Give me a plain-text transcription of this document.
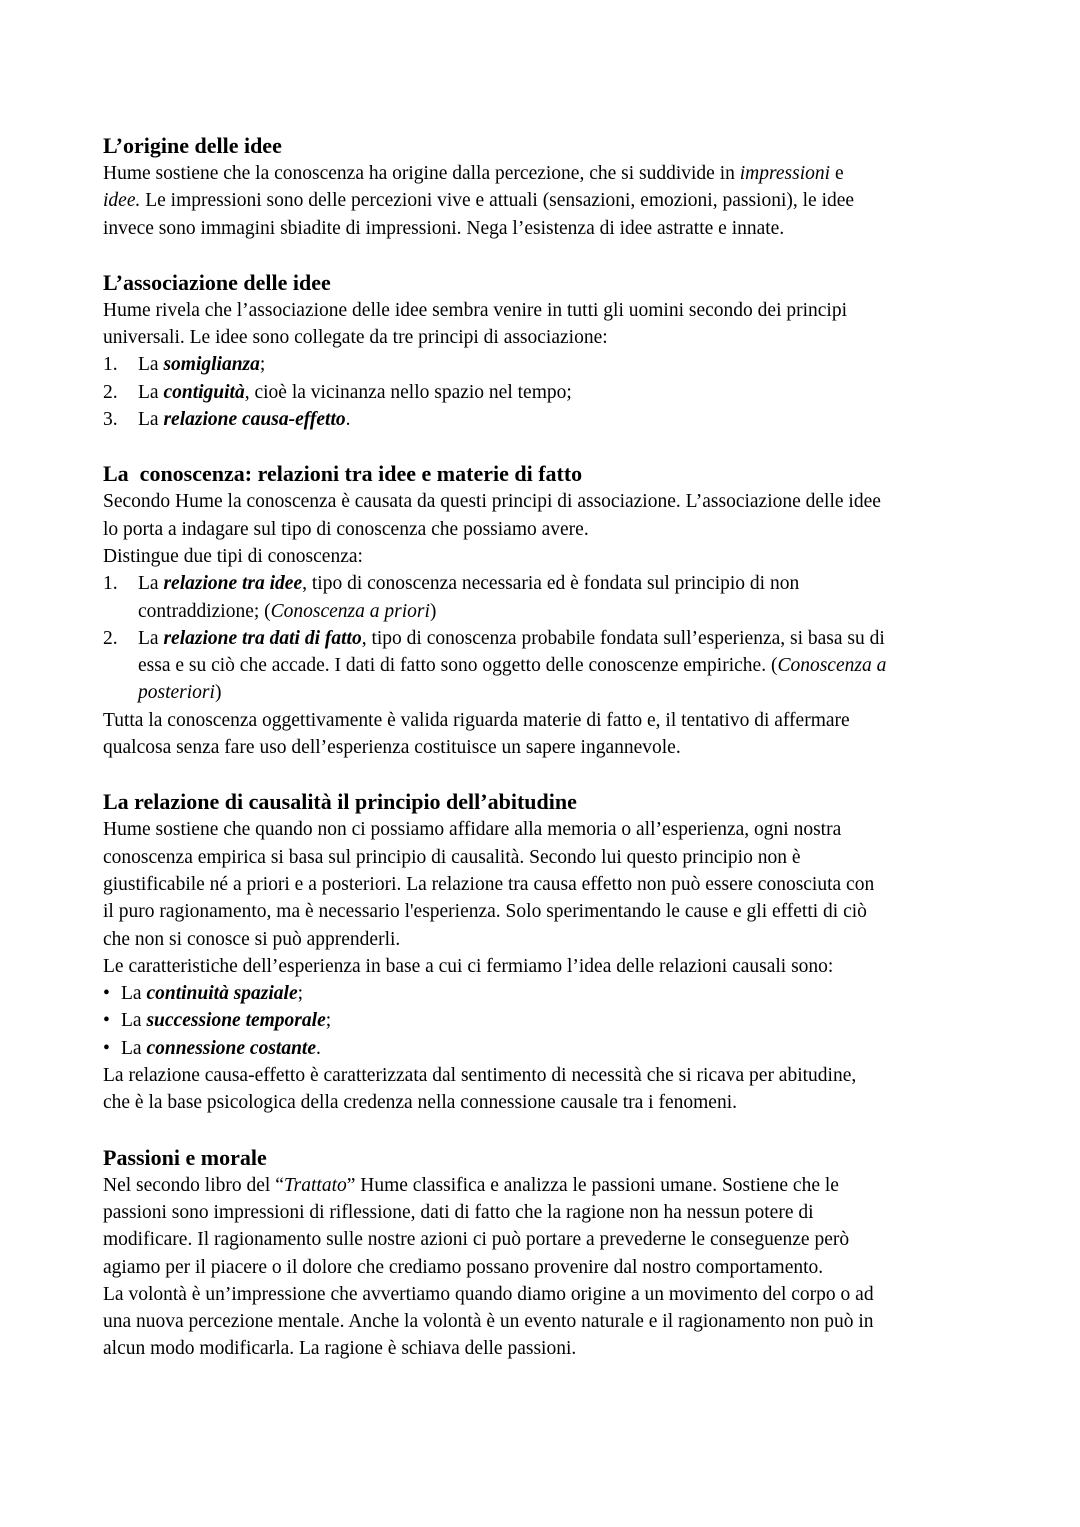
L’origine delle idee

Hume sostiene che la conoscenza ha origine dalla percezione, che si suddivide in impressioni e

idee. Le impressioni sono delle percezioni vive e attuali (sensazioni, emozioni, passioni), le idee

invece sono immagini sbiadite di impressioni. Nega l’esistenza di idee astratte e innate.

L’associazione delle idee

Hume rivela che l’associazione delle idee sembra venire in tutti gli uomini secondo dei principi

universali. Le idee sono collegate da tre principi di associazione:

1. La somiglianza;

2. La contiguità, cioè la vicinanza nello spazio nel tempo;

3. La relazione causa-effetto.

La  conoscenza: relazioni tra idee e materie di fatto

Secondo Hume la conoscenza è causata da questi principi di associazione. L’associazione delle idee

lo porta a indagare sul tipo di conoscenza che possiamo avere.

Distingue due tipi di conoscenza:

1. La relazione tra idee, tipo di conoscenza necessaria ed è fondata sul principio di non

contraddizione; (Conoscenza a priori)

2. La relazione tra dati di fatto, tipo di conoscenza probabile fondata sull’esperienza, si basa su di

essa e su ciò che accade. I dati di fatto sono oggetto delle conoscenze empiriche. (Conoscenza a

posteriori)

Tutta la conoscenza oggettivamente è valida riguarda materie di fatto e, il tentativo di affermare

qualcosa senza fare uso dell’esperienza costituisce un sapere ingannevole.

La relazione di causalità il principio dell’abitudine

Hume sostiene che quando non ci possiamo affidare alla memoria o all’esperienza, ogni nostra

conoscenza empirica si basa sul principio di causalità. Secondo lui questo principio non è

giustificabile né a priori e a posteriori. La relazione tra causa effetto non può essere conosciuta con

il puro ragionamento, ma è necessario l'esperienza. Solo sperimentando le cause e gli effetti di ciò

che non si conosce si può apprenderli.

Le caratteristiche dell’esperienza in base a cui ci fermiamo l’idea delle relazioni causali sono:

• La continuità spaziale;

• La successione temporale;

• La connessione costante.

La relazione causa-effetto è caratterizzata dal sentimento di necessità che si ricava per abitudine,

che è la base psicologica della credenza nella connessione causale tra i fenomeni.

Passioni e morale

Nel secondo libro del “Trattato” Hume classifica e analizza le passioni umane. Sostiene che le

passioni sono impressioni di riflessione, dati di fatto che la ragione non ha nessun potere di

modificare. Il ragionamento sulle nostre azioni ci può portare a prevederne le conseguenze però

agiamo per il piacere o il dolore che crediamo possano provenire dal nostro comportamento.

La volontà è un’impressione che avvertiamo quando diamo origine a un movimento del corpo o ad

una nuova percezione mentale. Anche la volontà è un evento naturale e il ragionamento non può in

alcun modo modificarla. La ragione è schiava delle passioni.
